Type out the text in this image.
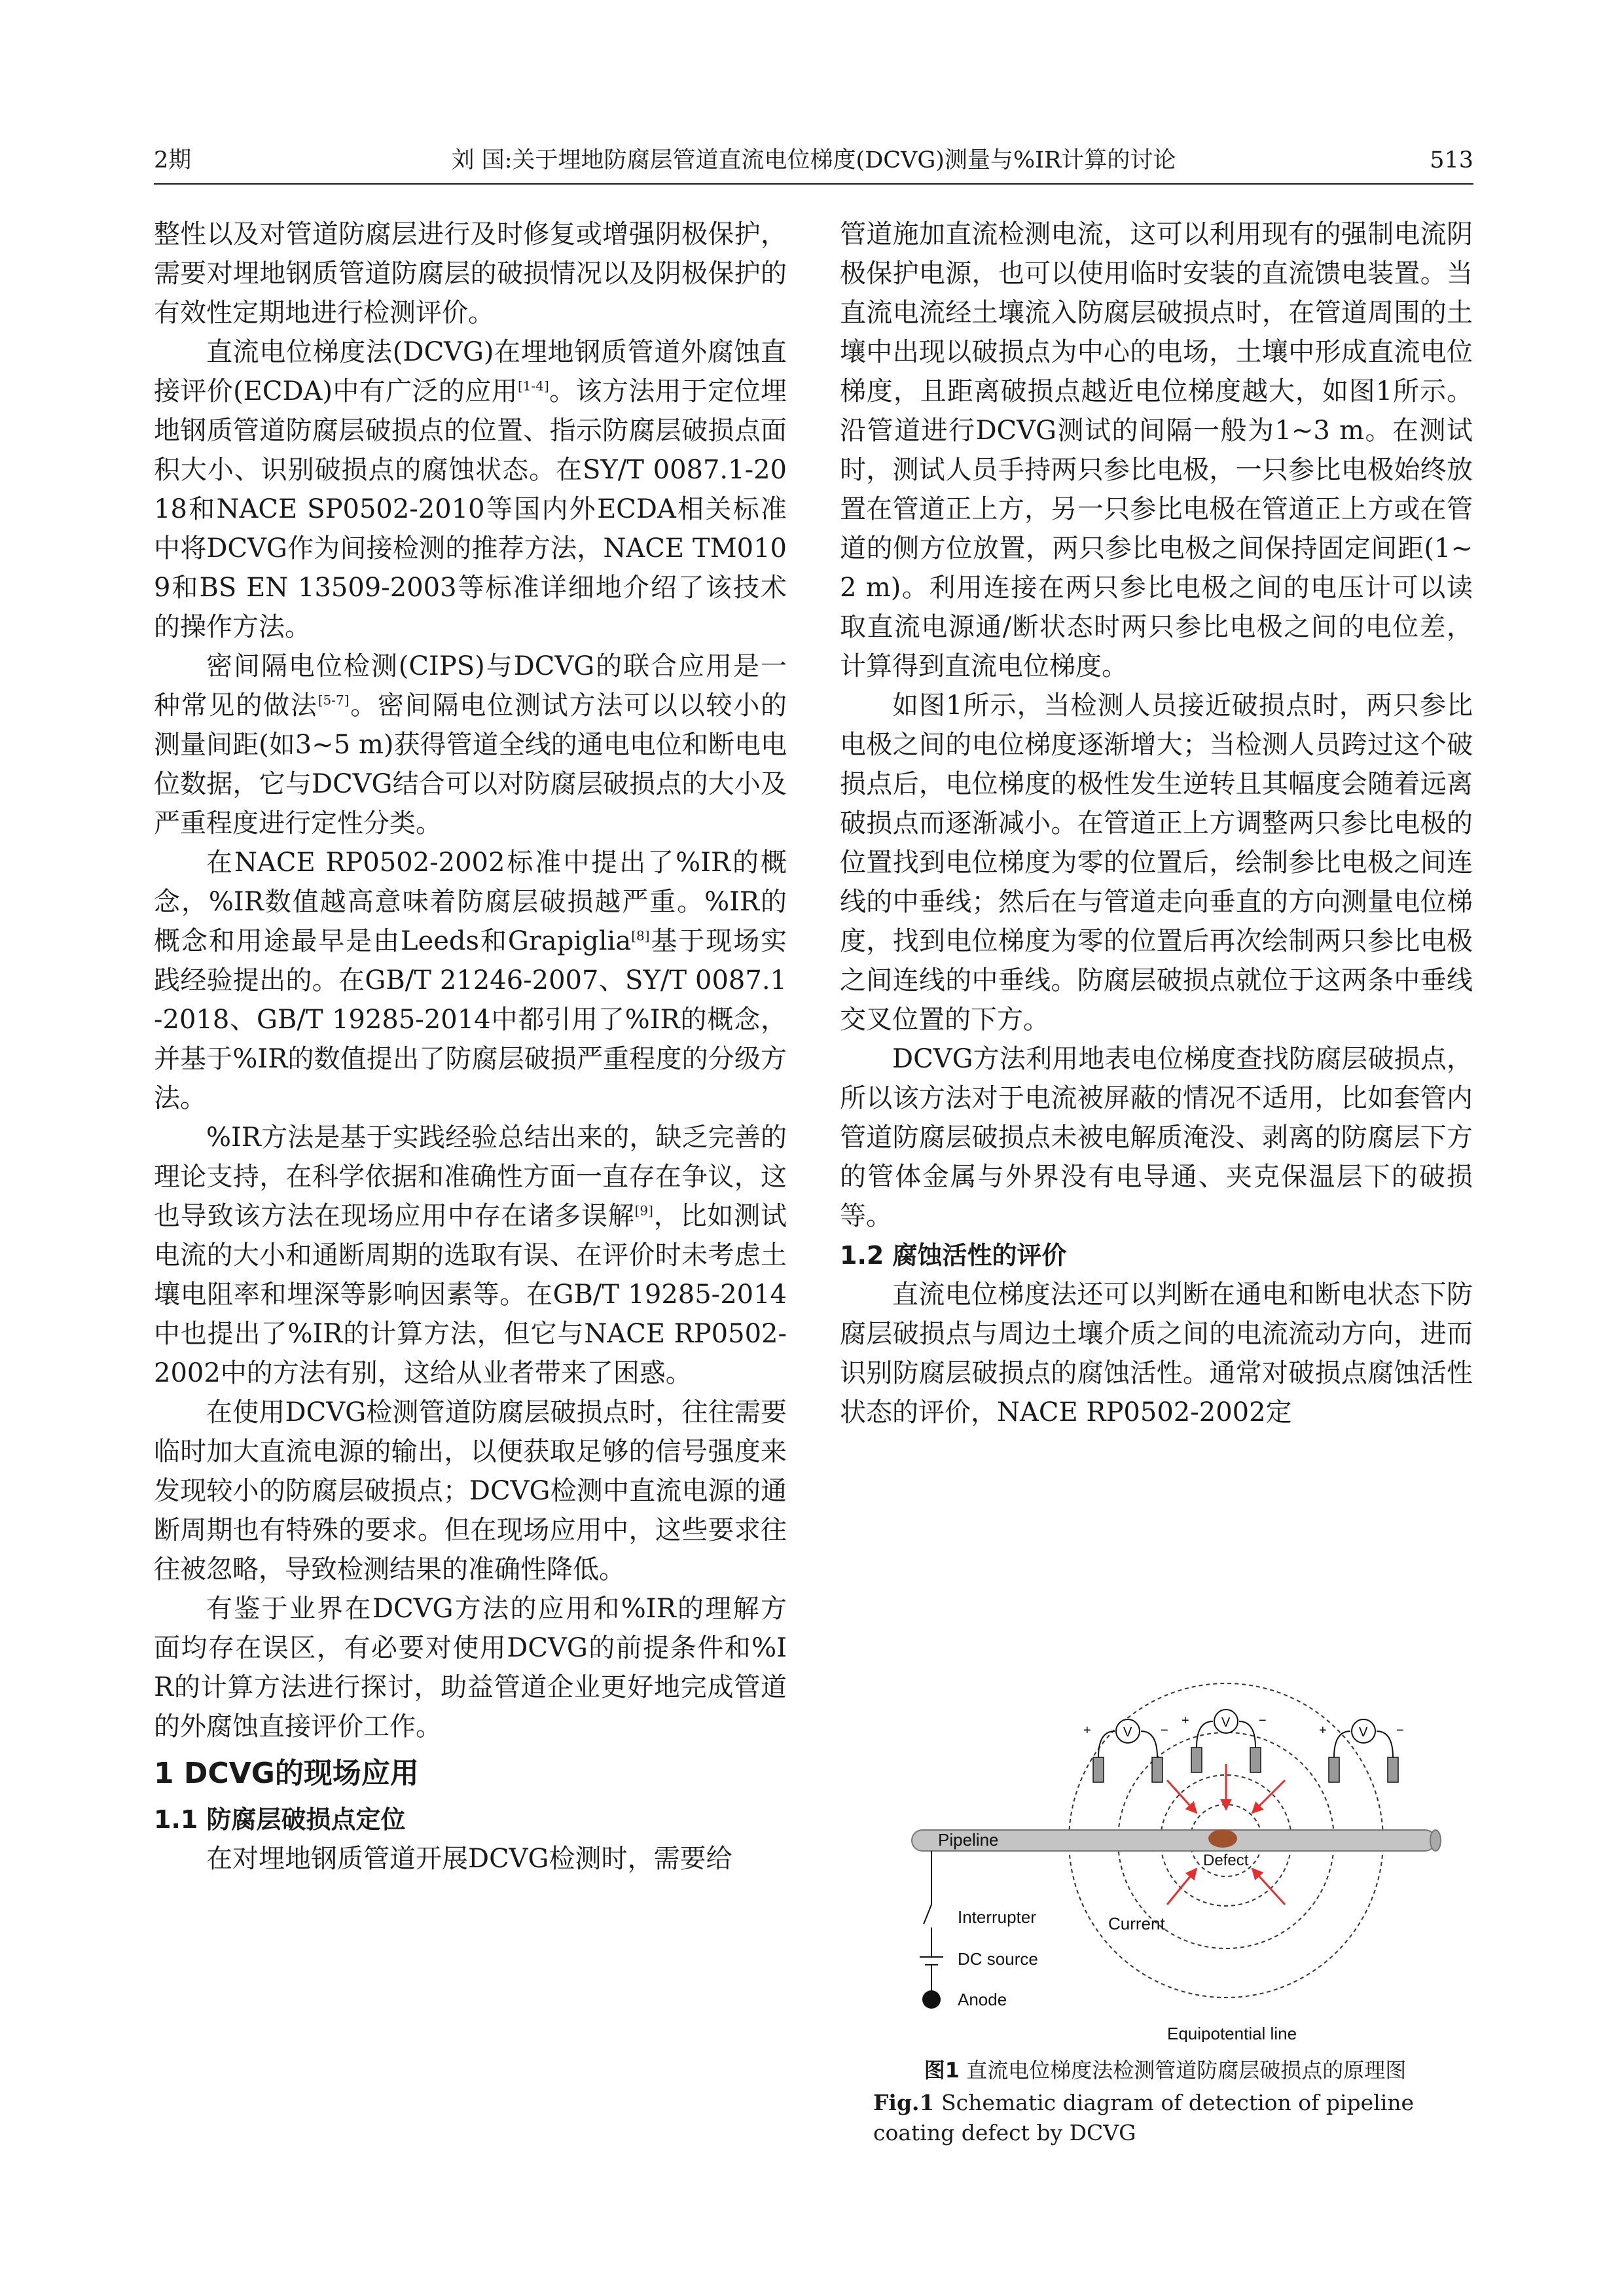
2期	刘 国:关于埋地防腐层管道直流电位梯度(DCVG)测量与%IR计算的讨论	513

整性以及对管道防腐层进行及时修复或增强阴极保护，需要对埋地钢质管道防腐层的破损情况以及阴极保护的有效性定期地进行检测评价。

直流电位梯度法(DCVG)在埋地钢质管道外腐蚀直接评价(ECDA)中有广泛的应用[1-4]。该方法用于定位埋地钢质管道防腐层破损点的位置、指示防腐层破损点面积大小、识别破损点的腐蚀状态。在SY/T 0087.1-2018和NACE SP0502-2010等国内外ECDA相关标准中将DCVG作为间接检测的推荐方法，NACE TM0109和BS EN 13509-2003等标准详细地介绍了该技术的操作方法。

密间隔电位检测(CIPS)与DCVG的联合应用是一种常见的做法[5-7]。密间隔电位测试方法可以以较小的测量间距(如3~5 m)获得管道全线的通电电位和断电电位数据，它与DCVG结合可以对防腐层破损点的大小及严重程度进行定性分类。

在NACE RP0502-2002标准中提出了%IR的概念，%IR数值越高意味着防腐层破损越严重。%IR的概念和用途最早是由Leeds和Grapiglia[8]基于现场实践经验提出的。在GB/T 21246-2007、SY/T 0087.1-2018、GB/T 19285-2014中都引用了%IR的概念，并基于%IR的数值提出了防腐层破损严重程度的分级方法。

%IR方法是基于实践经验总结出来的，缺乏完善的理论支持，在科学依据和准确性方面一直存在争议，这也导致该方法在现场应用中存在诸多误解[9]，比如测试电流的大小和通断周期的选取有误、在评价时未考虑土壤电阻率和埋深等影响因素等。在GB/T 19285-2014中也提出了%IR的计算方法，但它与NACE RP0502-2002中的方法有别，这给从业者带来了困惑。

在使用DCVG检测管道防腐层破损点时，往往需要临时加大直流电源的输出，以便获取足够的信号强度来发现较小的防腐层破损点；DCVG检测中直流电源的通断周期也有特殊的要求。但在现场应用中，这些要求往往被忽略，导致检测结果的准确性降低。

有鉴于业界在DCVG方法的应用和%IR的理解方面均存在误区，有必要对使用DCVG的前提条件和%IR的计算方法进行探讨，助益管道企业更好地完成管道的外腐蚀直接评价工作。

1 DCVG的现场应用
1.1 防腐层破损点定位

在对埋地钢质管道开展DCVG检测时，需要给

管道施加直流检测电流，这可以利用现有的强制电流阴极保护电源，也可以使用临时安装的直流馈电装置。当直流电流经土壤流入防腐层破损点时，在管道周围的土壤中出现以破损点为中心的电场，土壤中形成直流电位梯度，且距离破损点越近电位梯度越大，如图1所示。沿管道进行DCVG测试的间隔一般为1~3 m。在测试时，测试人员手持两只参比电极，一只参比电极始终放置在管道正上方，另一只参比电极在管道正上方或在管道的侧方位放置，两只参比电极之间保持固定间距(1~2 m)。利用连接在两只参比电极之间的电压计可以读取直流电源通/断状态时两只参比电极之间的电位差，计算得到直流电位梯度。

如图1所示，当检测人员接近破损点时，两只参比电极之间的电位梯度逐渐增大；当检测人员跨过这个破损点后，电位梯度的极性发生逆转且其幅度会随着远离破损点而逐渐减小。在管道正上方调整两只参比电极的位置找到电位梯度为零的位置后，绘制参比电极之间连线的中垂线；然后在与管道走向垂直的方向测量电位梯度，找到电位梯度为零的位置后再次绘制两只参比电极之间连线的中垂线。防腐层破损点就位于这两条中垂线交叉位置的下方。

DCVG方法利用地表电位梯度查找防腐层破损点，所以该方法对于电流被屏蔽的情况不适用，比如套管内管道防腐层破损点未被电解质淹没、剥离的防腐层下方的管体金属与外界没有电导通、夹克保温层下的破损等。

1.2 腐蚀活性的评价

直流电位梯度法还可以判断在通电和断电状态下防腐层破损点与周边土壤介质之间的电流流动方向，进而识别防腐层破损点的腐蚀活性。通常对破损点腐蚀活性状态的评价，NACE RP0502-2002定

Pipeline
Defect
Current
Interrupter
DC source
Anode
Equipotential line
V
+	−
V
+	−
V
+	−
图1 直流电位梯度法检测管道防腐层破损点的原理图
Fig.1 Schematic diagram of detection of pipeline coating defect by DCVG
